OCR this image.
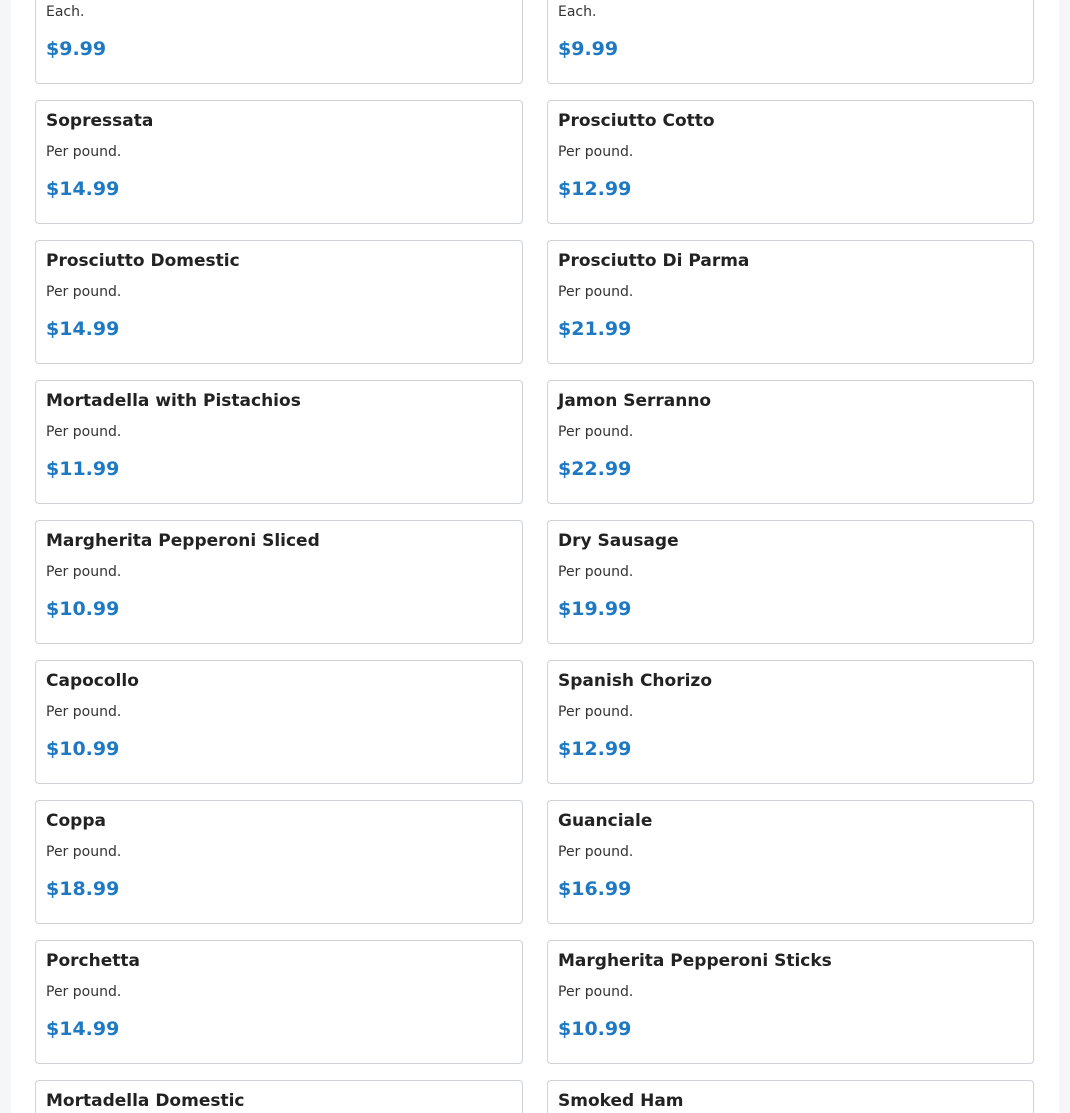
Each.
$9.99
Each.
$9.99
Sopressata
Per pound.
$14.99
Prosciutto Cotto
Per pound.
$12.99
Prosciutto Domestic
Per pound.
$14.99
Prosciutto Di Parma
Per pound.
$21.99
Mortadella with Pistachios
Per pound.
$11.99
Jamon Serranno
Per pound.
$22.99
Margherita Pepperoni Sliced
Per pound.
$10.99
Dry Sausage
Per pound.
$19.99
Capocollo
Per pound.
$10.99
Spanish Chorizo
Per pound.
$12.99
Coppa
Per pound.
$18.99
Guanciale
Per pound.
$16.99
Porchetta
Per pound.
$14.99
Margherita Pepperoni Sticks
Per pound.
$10.99
Mortadella Domestic	Smoked Ham
